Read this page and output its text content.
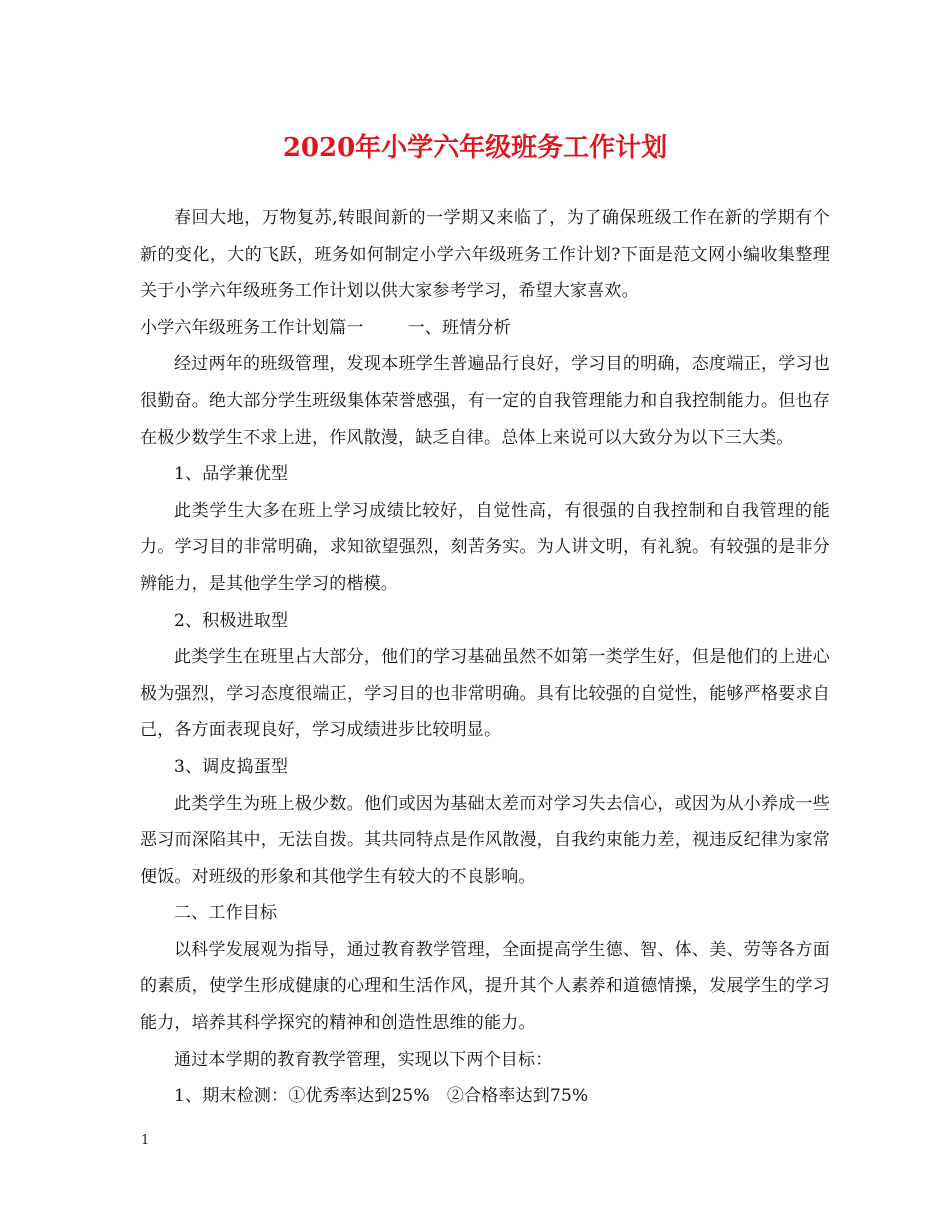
2020年小学六年级班务工作计划

春回大地，万物复苏,转眼间新的一学期又来临了，为了确保班级工作在新的学期有个新的变化，大的飞跃，班务如何制定小学六年级班务工作计划?下面是范文网小编收集整理关于小学六年级班务工作计划以供大家参考学习，希望大家喜欢。

小学六年级班务工作计划篇一	一、班情分析

经过两年的班级管理，发现本班学生普遍品行良好，学习目的明确，态度端正，学习也很勤奋。绝大部分学生班级集体荣誉感强，有一定的自我管理能力和自我控制能力。但也存在极少数学生不求上进，作风散漫，缺乏自律。总体上来说可以大致分为以下三大类。

1、品学兼优型

此类学生大多在班上学习成绩比较好，自觉性高，有很强的自我控制和自我管理的能力。学习目的非常明确，求知欲望强烈，刻苦务实。为人讲文明，有礼貌。有较强的是非分辨能力，是其他学生学习的楷模。

2、积极进取型

此类学生在班里占大部分，他们的学习基础虽然不如第一类学生好，但是他们的上进心极为强烈，学习态度很端正，学习目的也非常明确。具有比较强的自觉性，能够严格要求自己，各方面表现良好，学习成绩进步比较明显。

3、调皮捣蛋型

此类学生为班上极少数。他们或因为基础太差而对学习失去信心，或因为从小养成一些恶习而深陷其中，无法自拨。其共同特点是作风散漫，自我约束能力差，视违反纪律为家常便饭。对班级的形象和其他学生有较大的不良影响。

二、工作目标

以科学发展观为指导，通过教育教学管理，全面提高学生德、智、体、美、劳等各方面的素质，使学生形成健康的心理和生活作风，提升其个人素养和道德情操，发展学生的学习能力，培养其科学探究的精神和创造性思维的能力。

通过本学期的教育教学管理，实现以下两个目标：

1、期末检测：①优秀率达到25% ②合格率达到75%

1
